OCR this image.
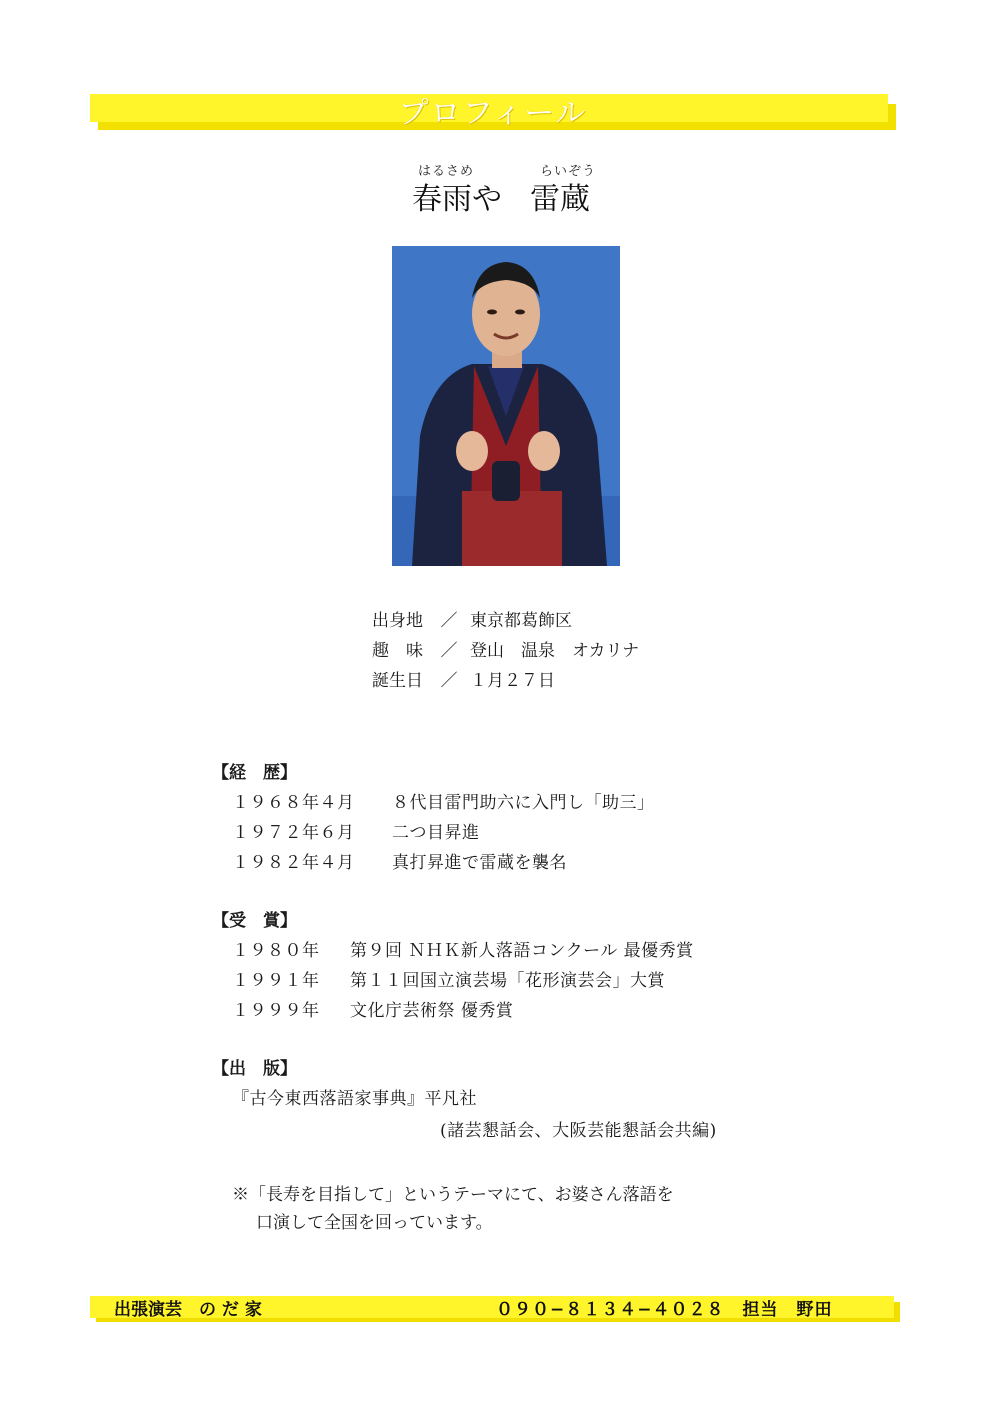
プロフィール
はるさめ	らいぞう
春雨や 雷蔵
出身地 ／ 東京都葛飾区
趣　味 ／ 登山　温泉　オカリナ
誕生日 ／ １月２７日
【経　歴】
１９６８年４月 ８代目雷門助六に入門し「助三」
１９７２年６月 二つ目昇進
１９８２年４月 真打昇進で雷蔵を襲名
【受　賞】
１９８０年 第９回 ＮＨＫ新人落語コンクール 最優秀賞
１９９１年 第１１回国立演芸場「花形演芸会」大賞
１９９９年 文化庁芸術祭 優秀賞
【出　版】
『古今東西落語家事典』平凡社
(諸芸懇話会、大阪芸能懇話会共編)
※「長寿を目指して」というテーマにて、お婆さん落語を
口演して全国を回っています。
出張演芸　の だ 家	０９０−８１３４−４０２８　担当　野田
